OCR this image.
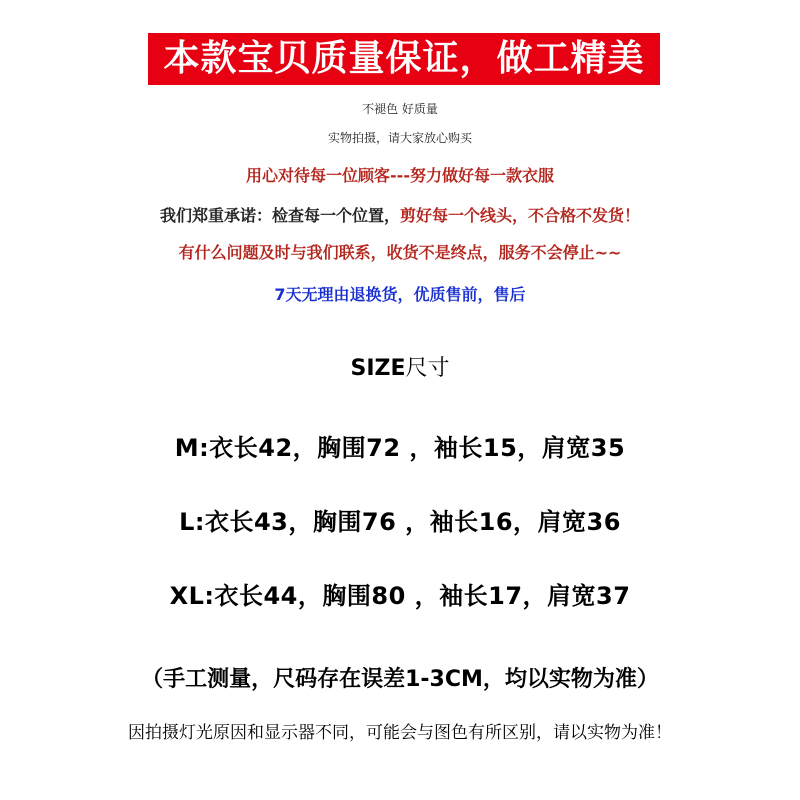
本款宝贝质量保证，做工精美
不褪色 好质量
实物拍摄，请大家放心购买
用心对待每一位顾客---努力做好每一款衣服
我们郑重承诺：检查每一个位置，剪好每一个线头，不合格不发货！
有什么问题及时与我们联系，收货不是终点，服务不会停止~~
7天无理由退换货，优质售前，售后
SIZE尺寸
M:衣长42，胸围72 ，袖长15，肩宽35
L:衣长43，胸围76 ，袖长16，肩宽36
XL:衣长44，胸围80 ，袖长17，肩宽37
（手工测量，尺码存在误差1-3CM，均以实物为准）
因拍摄灯光原因和显示器不同，可能会与图色有所区别，请以实物为准！
